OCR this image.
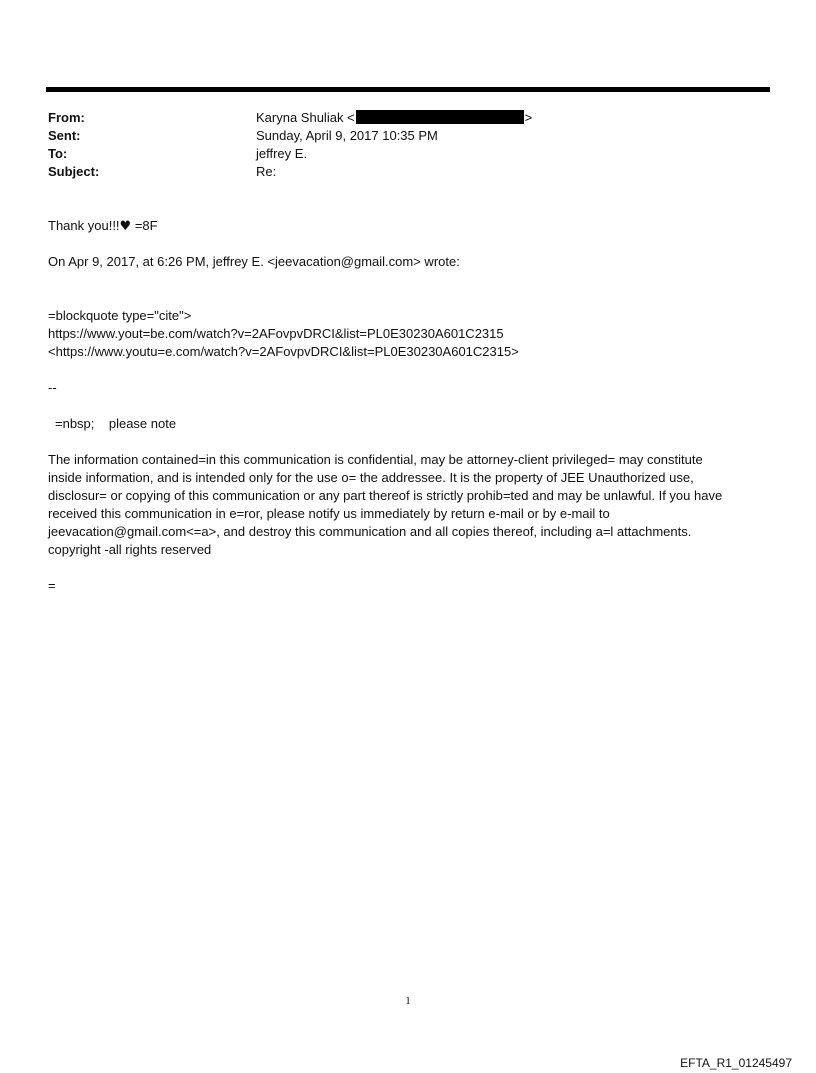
From:	Karyna Shuliak <	>
Sent:	Sunday, April 9, 2017 10:35 PM
To:	jeffrey E.
Subject:	Re:
Thank you!!!♥ =8F
On Apr 9, 2017, at 6:26 PM, jeffrey E. <jeevacation@gmail.com> wrote:
=blockquote type="cite">
https://www.yout=be.com/watch?v=2AFovpvDRCI&list=PL0E30230A601C2315
<https://www.youtu=e.com/watch?v=2AFovpvDRCI&list=PL0E30230A601C2315>
--
=nbsp;    please note
The information contained=in this communication is confidential, may be attorney-client privileged= may constitute
inside information, and is intended only for the use o= the addressee. It is the property of JEE Unauthorized use,
disclosur= or copying of this communication or any part thereof is strictly prohib=ted and may be unlawful. If you have
received this communication in e=ror, please notify us immediately by return e-mail or by e-mail to
jeevacation@gmail.com<=a>, and destroy this communication and all copies thereof, including a=l attachments.
copyright -all rights reserved
=
1
EFTA_R1_01245497
